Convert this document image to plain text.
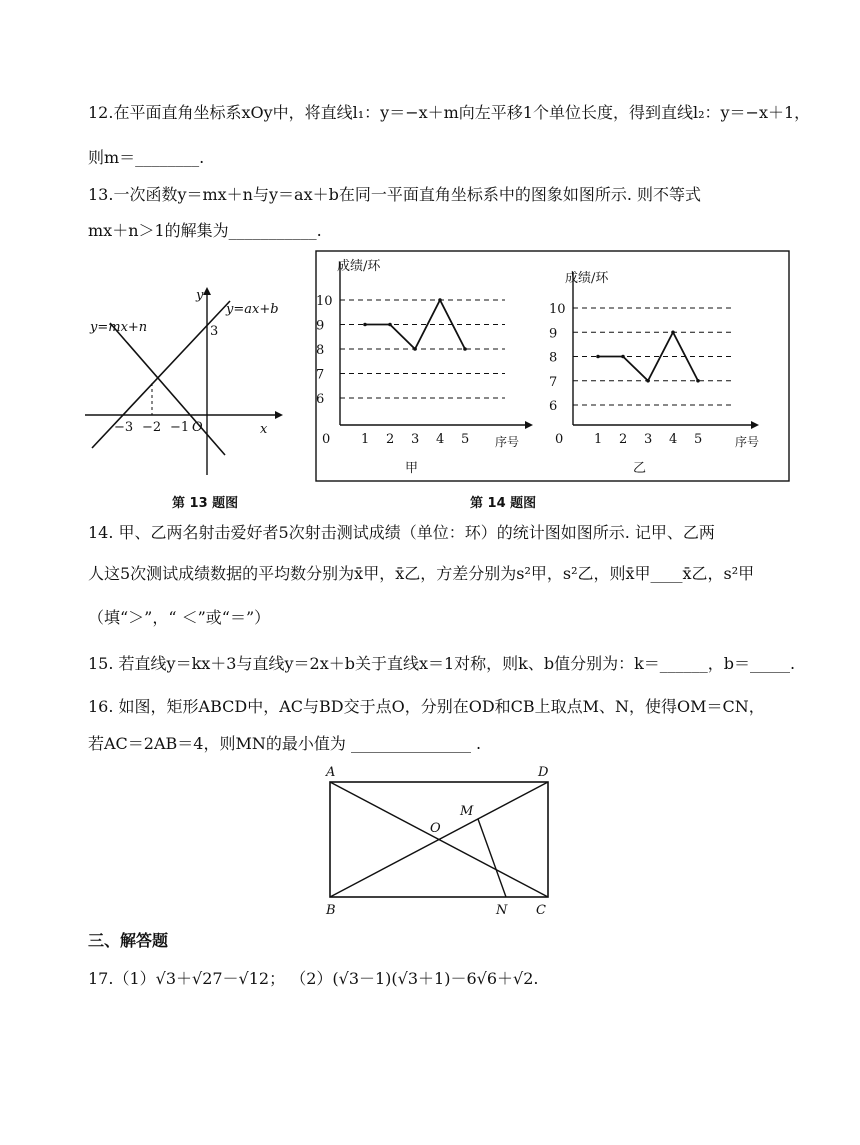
12.在平面直角坐标系xOy中，将直线l₁：y＝−x＋m向左平移1个单位长度，得到直线l₂：y＝−x＋1，
则m＝________.
13.一次函数y＝mx＋n与y＝ax＋b在同一平面直角坐标系中的图象如图所示. 则不等式
mx＋n＞1的解集为___________.
y=mx+n
y=ax+b
y
x
3
−3 −2 −1 O
第 13 题图
成绩/环
序号
甲
6
7
8
9
10
0 1 2 3 4 5
成绩/环
序号
乙
6
7
8
9
10
0 1 2 3 4 5
第 14 题图
14. 甲、乙两名射击爱好者5次射击测试成绩（单位：环）的统计图如图所示. 记甲、乙两
人这5次测试成绩数据的平均数分别为x̄甲，x̄乙，方差分别为s²甲，s²乙，则x̄甲____x̄乙，s²甲
（填“＞”，“ ＜”或“＝”）
15. 若直线y＝kx＋3与直线y＝2x＋b关于直线x＝1对称，则k、b值分别为：k＝______，b＝_____.
16. 如图，矩形ABCD中，AC与BD交于点O，分别在OD和CB上取点M、N，使得OM＝CN，
若AC＝2AB＝4，则MN的最小值为 _______________ .
A	D
B	C
O
M
N
三、解答题
17.（1）√3＋√27－√12； （2）(√3－1)(√3＋1)－6√6＋√2.
